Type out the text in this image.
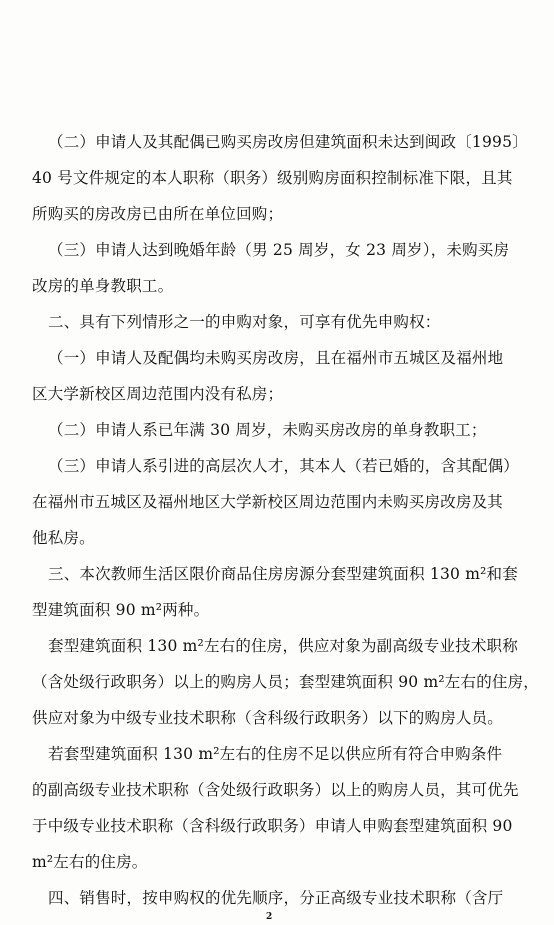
（二）申请人及其配偶已购买房改房但建筑面积未达到闽政〔1995〕
40 号文件规定的本人职称（职务）级别购房面积控制标准下限，且其
所购买的房改房已由所在单位回购；
（三）申请人达到晚婚年龄（男 25 周岁，女 23 周岁），未购买房
改房的单身教职工。
二、具有下列情形之一的申购对象，可享有优先申购权：
（一）申请人及配偶均未购买房改房，且在福州市五城区及福州地
区大学新校区周边范围内没有私房；
（二）申请人系已年满 30 周岁，未购买房改房的单身教职工；
（三）申请人系引进的高层次人才，其本人（若已婚的，含其配偶）
在福州市五城区及福州地区大学新校区周边范围内未购买房改房及其
他私房。
三、本次教师生活区限价商品住房房源分套型建筑面积 130 m²和套
型建筑面积 90 m²两种。
套型建筑面积 130 m²左右的住房，供应对象为副高级专业技术职称
（含处级行政职务）以上的购房人员；套型建筑面积 90 m²左右的住房，
供应对象为中级专业技术职称（含科级行政职务）以下的购房人员。
若套型建筑面积 130 m²左右的住房不足以供应所有符合申购条件
的副高级专业技术职称（含处级行政职务）以上的购房人员，其可优先
于中级专业技术职称（含科级行政职务）申请人申购套型建筑面积 90
m²左右的住房。
四、销售时，按申购权的优先顺序，分正高级专业技术职称（含厅
2
